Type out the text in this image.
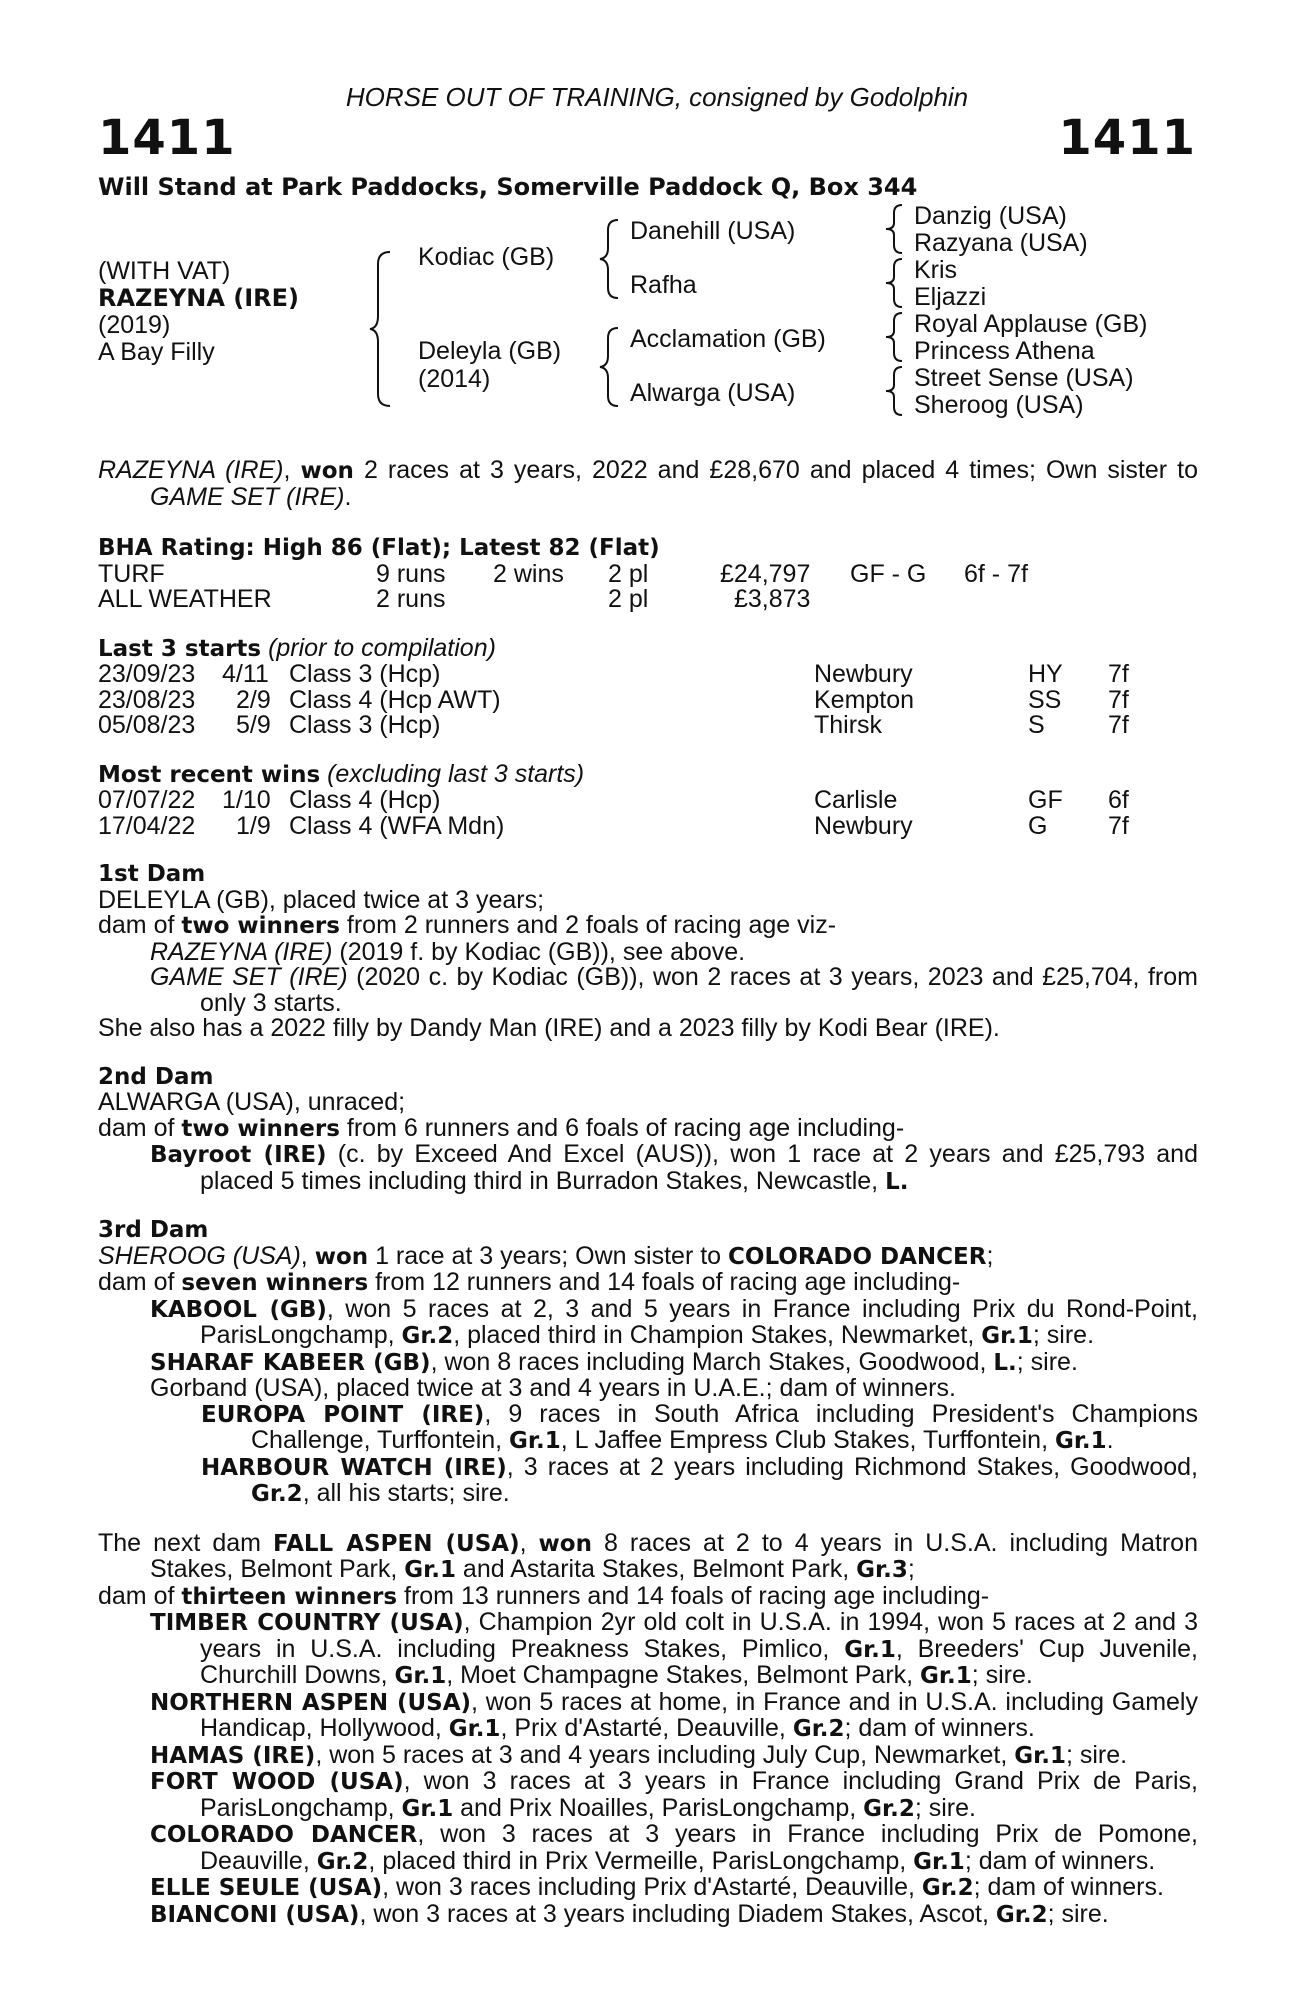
HORSE OUT OF TRAINING, consigned by Godolphin
1411	1411
Will Stand at Park Paddocks, Somerville Paddock Q, Box 344
(WITH VAT)
RAZEYNA (IRE)
(2019)
A Bay Filly
Kodiac (GB)
Deleyla (GB)
(2014)
Danehill (USA)
Rafha
Acclamation (GB)
Alwarga (USA)
Danzig (USA)
Razyana (USA)
Kris
Eljazzi
Royal Applause (GB)
Princess Athena
Street Sense (USA)
Sheroog (USA)

RAZEYNA (IRE), won 2 races at 3 years, 2022 and £28,670 and placed 4 times; Own sister to GAME SET (IRE).

BHA Rating: High 86 (Flat); Latest 82 (Flat)

TURF	9 runs 2 wins 2 pl	£24,797 GF - G 6f - 7f
ALL WEATHER	2 runs	2 pl	£3,873

Last 3 starts (prior to compilation)

23/09/23 4/11 Class 3 (Hcp)	Newbury	HY 7f
23/08/23 2/9 Class 4 (Hcp AWT)	Kempton	SS 7f
05/08/23 5/9 Class 3 (Hcp)	Thirsk	S	7f

Most recent wins (excluding last 3 starts)

07/07/22 1/10 Class 4 (Hcp)	Carlisle	GF 6f
17/04/22 1/9 Class 4 (WFA Mdn)	Newbury	G 7f

1st Dam

DELEYLA (GB), placed twice at 3 years;

dam of two winners from 2 runners and 2 foals of racing age viz-

RAZEYNA (IRE) (2019 f. by Kodiac (GB)), see above.

GAME SET (IRE) (2020 c. by Kodiac (GB)), won 2 races at 3 years, 2023 and £25,704, from only 3 starts.

She also has a 2022 filly by Dandy Man (IRE) and a 2023 filly by Kodi Bear (IRE).

2nd Dam

ALWARGA (USA), unraced;

dam of two winners from 6 runners and 6 foals of racing age including-

Bayroot (IRE) (c. by Exceed And Excel (AUS)), won 1 race at 2 years and £25,793 and placed 5 times including third in Burradon Stakes, Newcastle, L.

3rd Dam

SHEROOG (USA), won 1 race at 3 years; Own sister to COLORADO DANCER;

dam of seven winners from 12 runners and 14 foals of racing age including-

KABOOL (GB), won 5 races at 2, 3 and 5 years in France including Prix du Rond-Point, ParisLongchamp, Gr.2, placed third in Champion Stakes, Newmarket, Gr.1; sire.

SHARAF KABEER (GB), won 8 races including March Stakes, Goodwood, L.; sire.

Gorband (USA), placed twice at 3 and 4 years in U.A.E.; dam of winners.

EUROPA POINT (IRE), 9 races in South Africa including President's Champions Challenge, Turffontein, Gr.1, L Jaffee Empress Club Stakes, Turffontein, Gr.1.

HARBOUR WATCH (IRE), 3 races at 2 years including Richmond Stakes, Goodwood, Gr.2, all his starts; sire.

The next dam FALL ASPEN (USA), won 8 races at 2 to 4 years in U.S.A. including Matron Stakes, Belmont Park, Gr.1 and Astarita Stakes, Belmont Park, Gr.3;

dam of thirteen winners from 13 runners and 14 foals of racing age including-

TIMBER COUNTRY (USA), Champion 2yr old colt in U.S.A. in 1994, won 5 races at 2 and 3 years in U.S.A. including Preakness Stakes, Pimlico, Gr.1, Breeders' Cup Juvenile, Churchill Downs, Gr.1, Moet Champagne Stakes, Belmont Park, Gr.1; sire.

NORTHERN ASPEN (USA), won 5 races at home, in France and in U.S.A. including Gamely Handicap, Hollywood, Gr.1, Prix d'Astarté, Deauville, Gr.2; dam of winners.

HAMAS (IRE), won 5 races at 3 and 4 years including July Cup, Newmarket, Gr.1; sire.

FORT WOOD (USA), won 3 races at 3 years in France including Grand Prix de Paris, ParisLongchamp, Gr.1 and Prix Noailles, ParisLongchamp, Gr.2; sire.

COLORADO DANCER, won 3 races at 3 years in France including Prix de Pomone, Deauville, Gr.2, placed third in Prix Vermeille, ParisLongchamp, Gr.1; dam of winners.

ELLE SEULE (USA), won 3 races including Prix d'Astarté, Deauville, Gr.2; dam of winners.

BIANCONI (USA), won 3 races at 3 years including Diadem Stakes, Ascot, Gr.2; sire.
